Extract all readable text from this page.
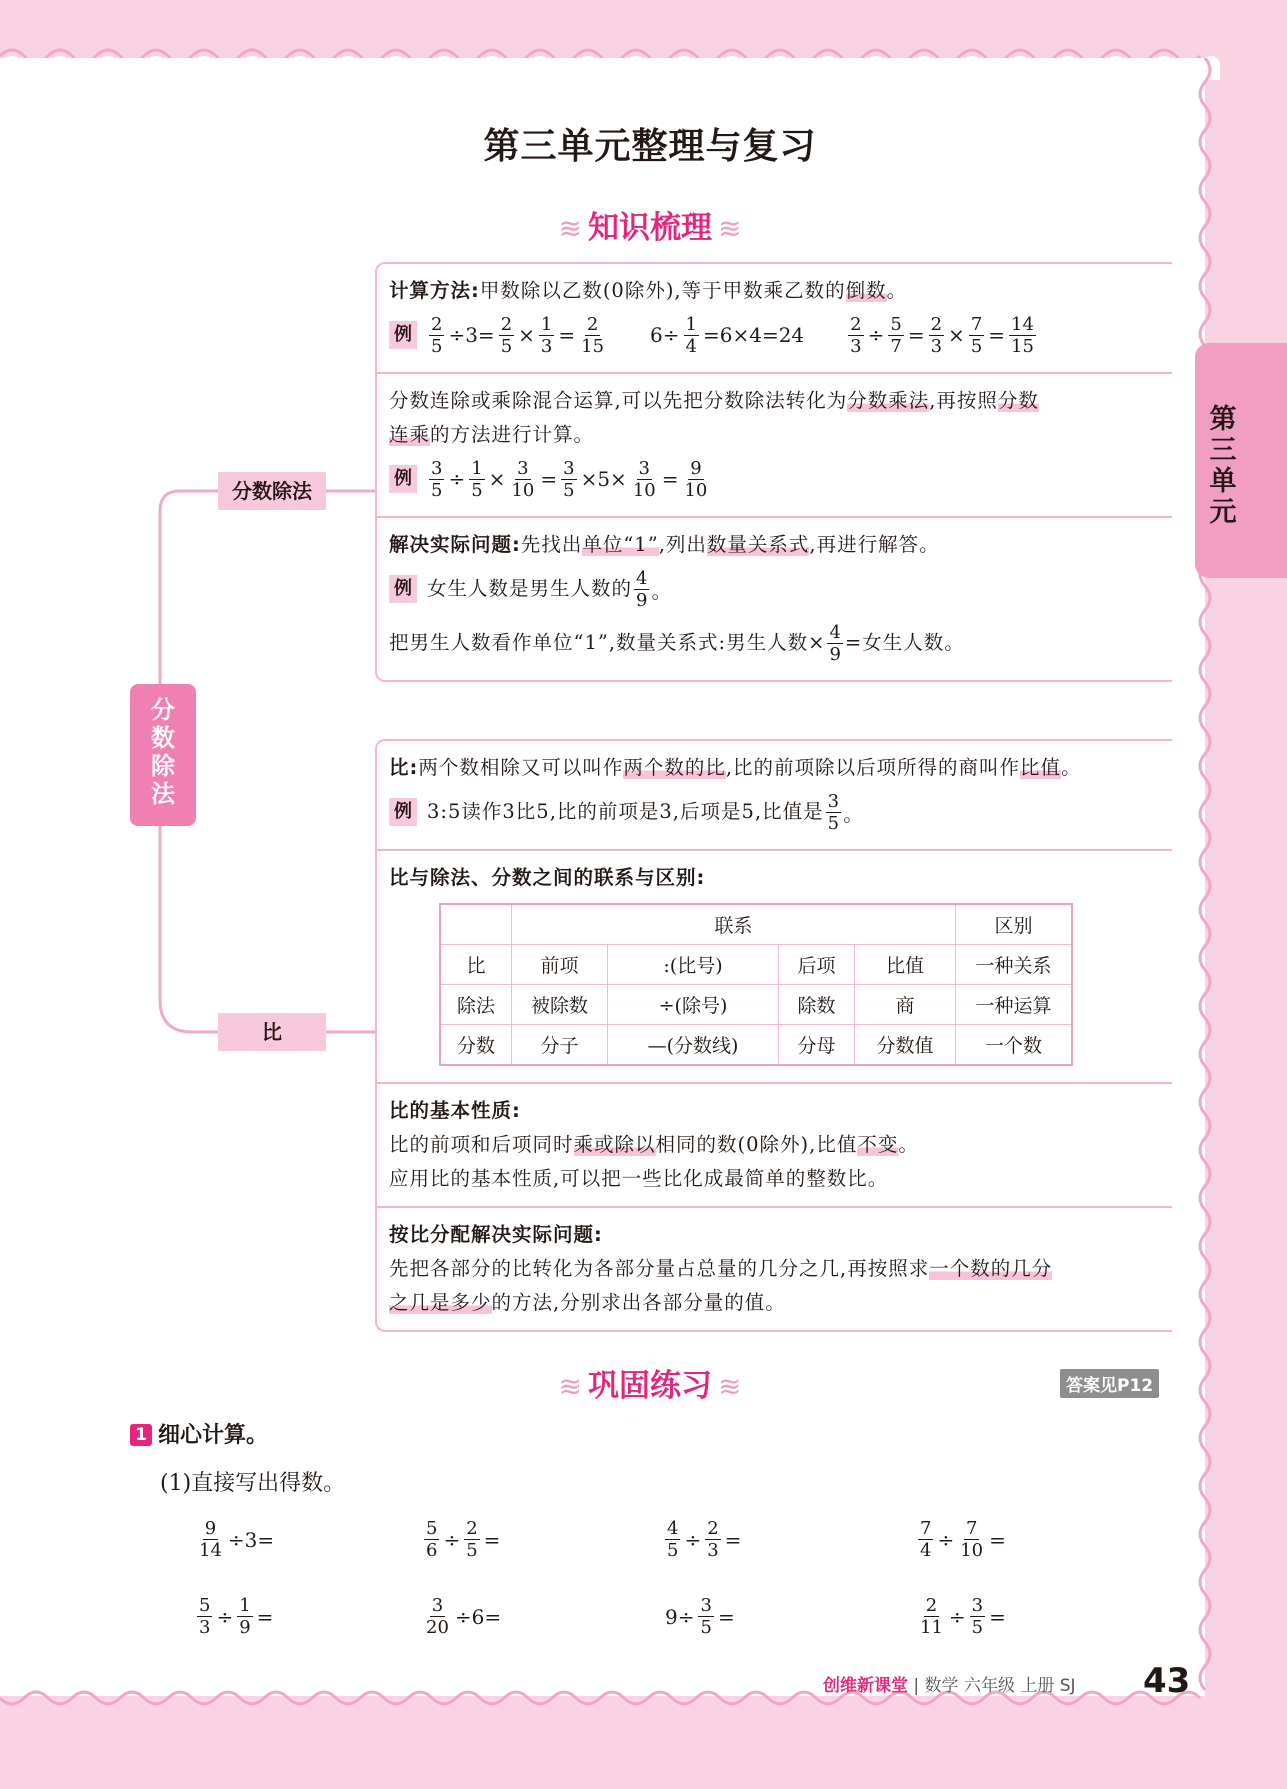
第三单元
第三单元整理与复习
≋ 知识梳理 ≋
分数除法
分数除法
比
计算方法:甲数除以乙数(0除外),等于甲数乘乙数的倒数。
例 $\frac{2}{5} \div 3= \frac{2}{5} \times \frac{1}{3} = \frac{2}{15} 6\div \frac{1}{4} =6\times 4=24 \frac{2}{3} \div \frac{5}{7} = \frac{2}{3} \times \frac{7}{5} = \frac{14}{15}$
分数连除或乘除混合运算,可以先把分数除法转化为分数乘法,再按照分数
连乘的方法进行计算。
例 $\frac{3}{5} \div \frac{1}{5} \times \frac{3}{10} = \frac{3}{5} \times 5\times \frac{3}{10} = \frac{9}{10}$
解决实际问题:先找出单位“1”,列出数量关系式,再进行解答。
例 女生人数是男生人数的 $\frac{4}{9}$ 。
把男生人数看作单位“1”,数量关系式:男生人数× $\frac{4}{9}$ =女生人数。
比:两个数相除又可以叫作两个数的比,比的前项除以后项所得的商叫作比值。
例 3:5读作3比5,比的前项是3,后项是5,比值是 $\frac{3}{5}$ 。
比与除法、分数之间的联系与区别:
	联系				区别
比	前项	:(比号)	后项	比值	一种关系
除法	被除数	÷(除号)	除数	商	一种运算
分数	分子	—(分数线)	分母	分数值	一个数
比的基本性质:
比的前项和后项同时乘或除以相同的数(0除外),比值不变。
应用比的基本性质,可以把一些比化成最简单的整数比。
按比分配解决实际问题:
先把各部分的比转化为各部分量占总量的几分之几,再按照求一个数的几分
之几是多少的方法,分别求出各部分量的值。
≋ 巩固练习 ≋	答案见P12
1 细心计算。
(1)直接写出得数。
$\frac{9}{14} \div 3=$	$\frac{5}{6} \div \frac{2}{5}$ =	$\frac{4}{5} \div \frac{2}{3}$ =	$\frac{7}{4} \div \frac{7}{10}$ =
$\frac{5}{3} \div \frac{1}{9}$ =	$\frac{3}{20} \div 6=$	$9\div \frac{3}{5}$ =	$\frac{2}{11} \div \frac{3}{5}$ =
创维新课堂 | 数学 六年级 上册 SJ 43
